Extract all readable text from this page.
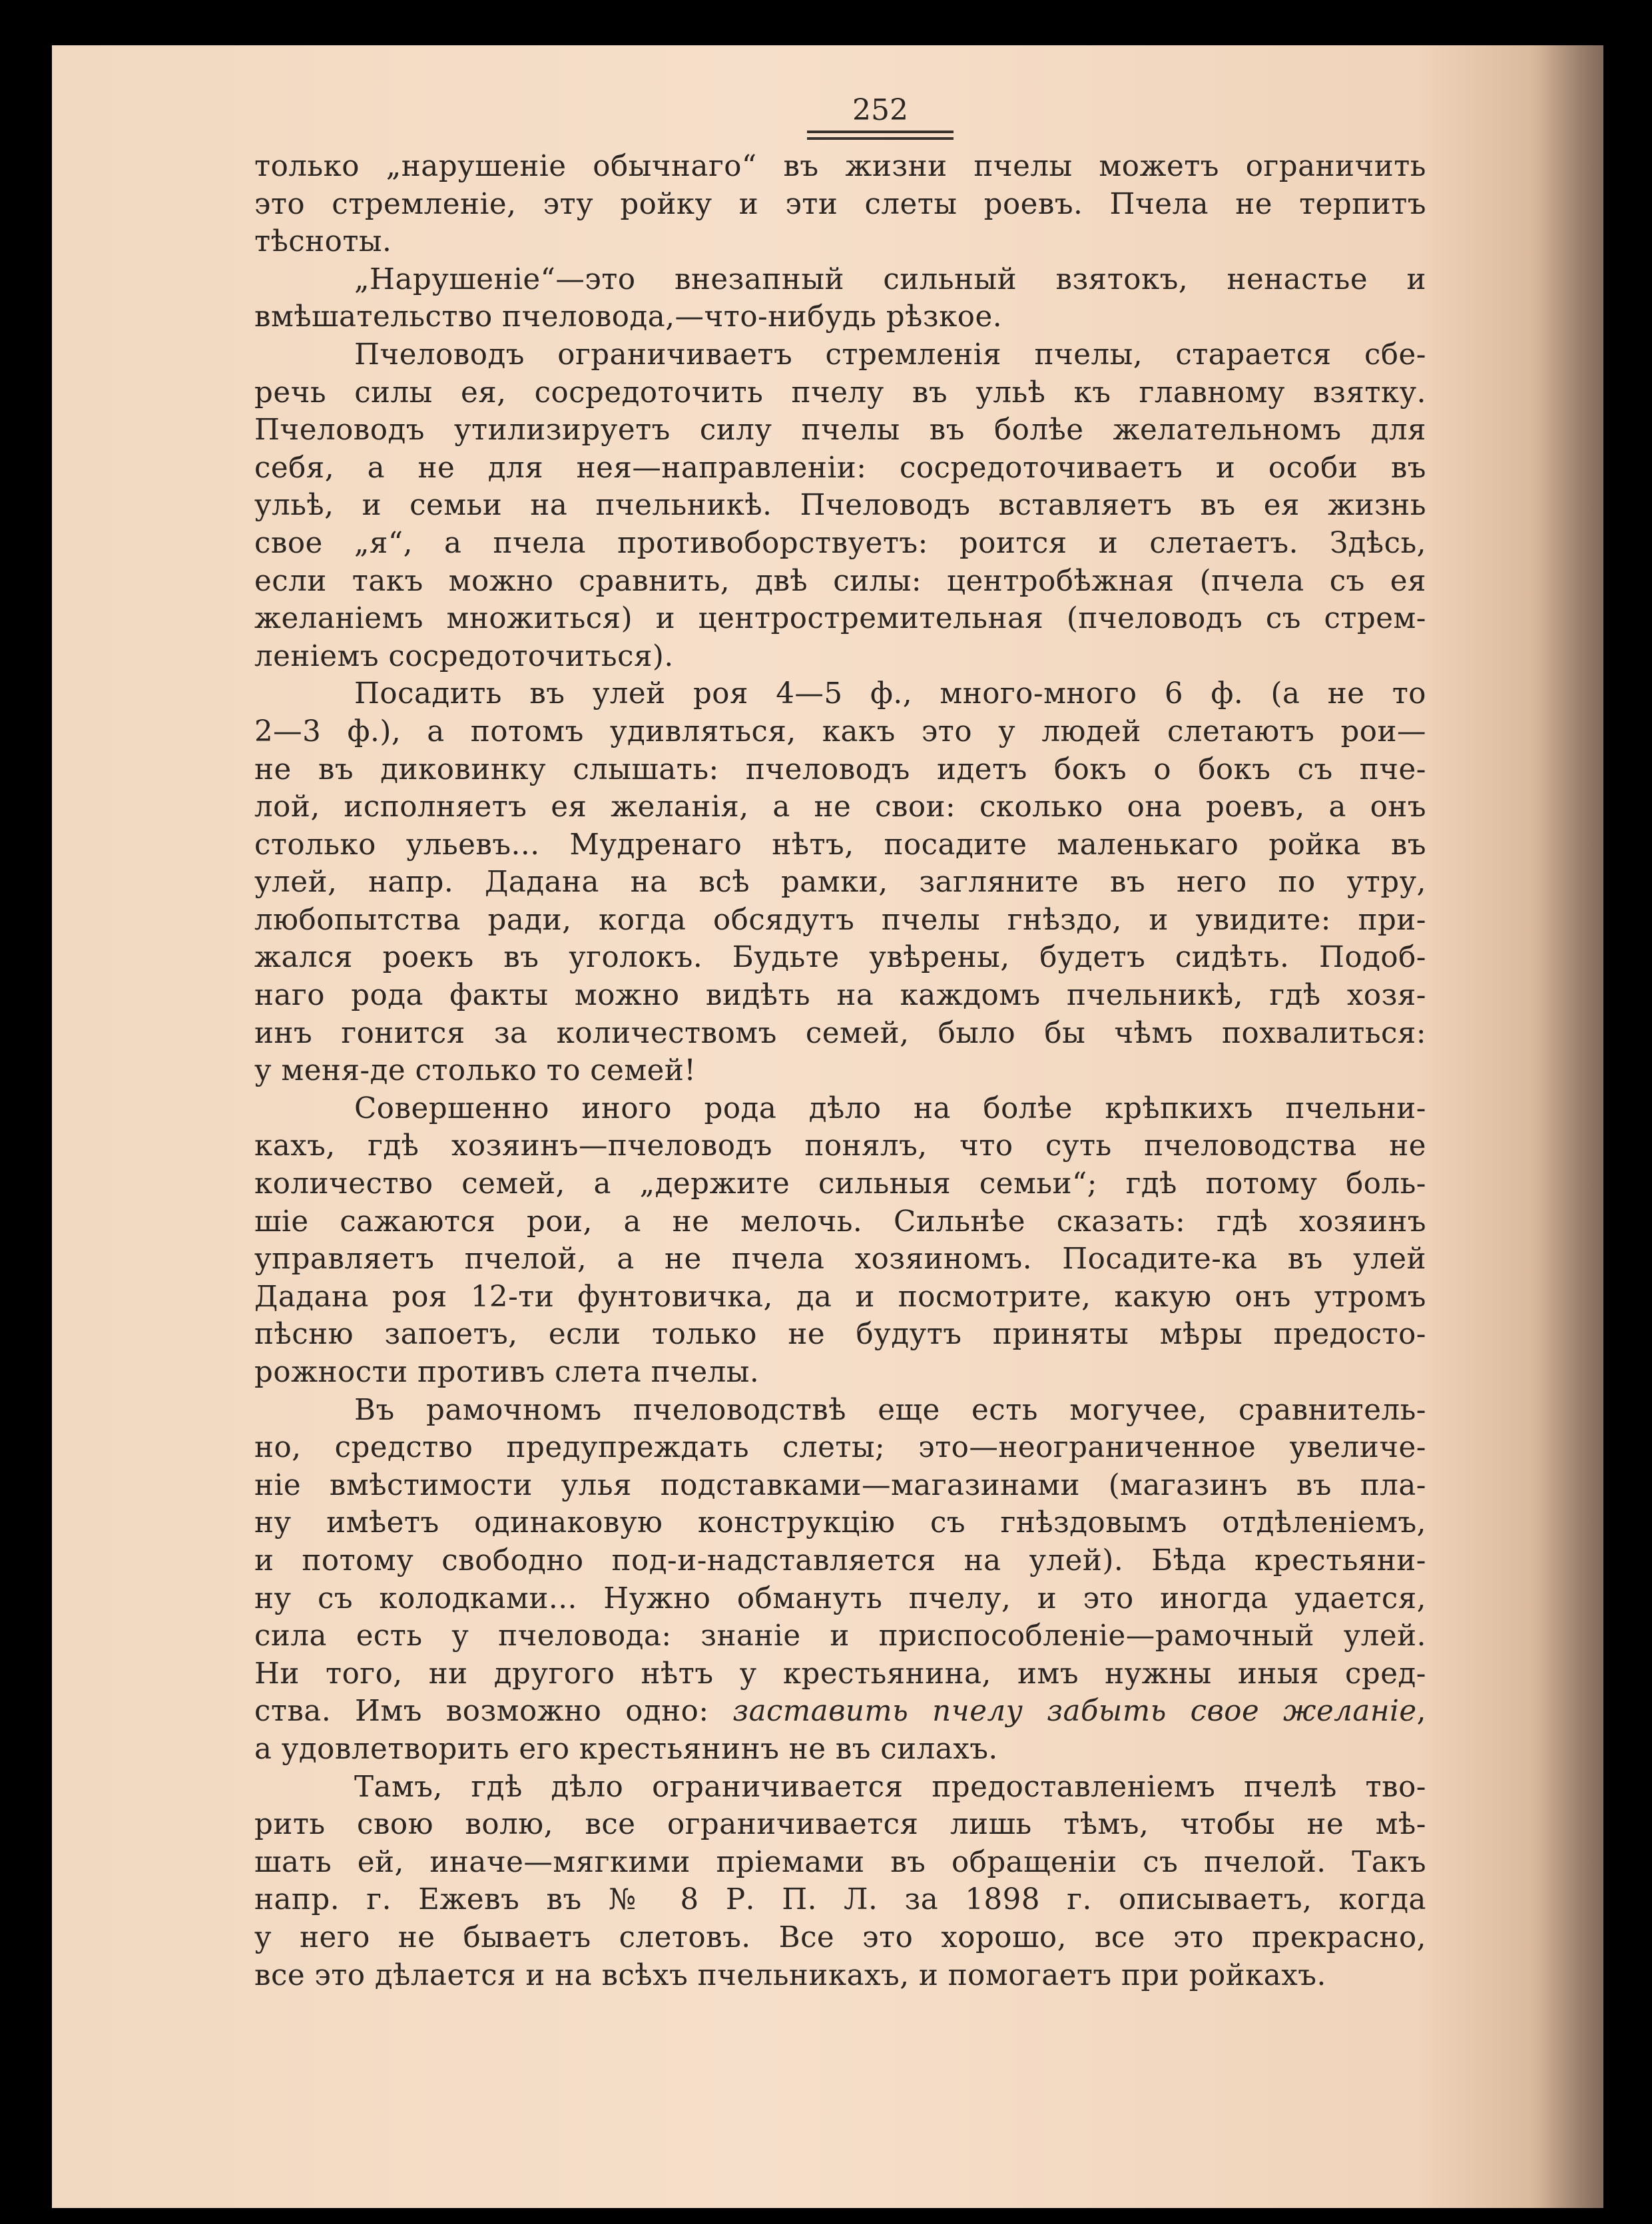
252
только „нарушеніе обычнаго“ въ жизни пчелы можетъ ограничить
это стремленіе, эту ройку и эти слеты роевъ. Пчела не терпитъ
тѣсноты.
„Нарушеніе“—это внезапный сильный взятокъ, ненастье и
вмѣшательство пчеловода,—что-нибудь рѣзкое.
Пчеловодъ ограничиваетъ стремленія пчелы, старается сбе-
речь силы ея, сосредоточить пчелу въ ульѣ къ главному взятку.
Пчеловодъ утилизируетъ силу пчелы въ болѣе желательномъ для
себя, а не для нея—направленіи: сосредоточиваетъ и особи въ
ульѣ, и семьи на пчельникѣ. Пчеловодъ вставляетъ въ ея жизнь
свое „я“, а пчела противоборствуетъ: роится и слетаетъ. Здѣсь,
если такъ можно сравнить, двѣ силы: центробѣжная (пчела съ ея
желаніемъ множиться) и центростремительная (пчеловодъ съ стрем-
леніемъ сосредоточиться).
Посадить въ улей роя 4—5 ф., много-много 6 ф. (а не то
2—3 ф.), а потомъ удивляться, какъ это у людей слетаютъ рои—
не въ диковинку слышать: пчеловодъ идетъ бокъ о бокъ съ пче-
лой, исполняетъ ея желанія, а не свои: сколько она роевъ, а онъ
столько ульевъ... Мудренаго нѣтъ, посадите маленькаго ройка въ
улей, напр. Дадана на всѣ рамки, загляните въ него по утру,
любопытства ради, когда обсядутъ пчелы гнѣздо, и увидите: при-
жался роекъ въ уголокъ. Будьте увѣрены, будетъ сидѣть. Подоб-
наго рода факты можно видѣть на каждомъ пчельникѣ, гдѣ хозя-
инъ гонится за количествомъ семей, было бы чѣмъ похвалиться:
у меня-де столько то семей!
Совершенно иного рода дѣло на болѣе крѣпкихъ пчельни-
кахъ, гдѣ хозяинъ—пчеловодъ понялъ, что суть пчеловодства не
количество семей, а „держите сильныя семьи“; гдѣ потому боль-
шіе сажаются рои, а не мелочь. Сильнѣе сказать: гдѣ хозяинъ
управляетъ пчелой, а не пчела хозяиномъ. Посадите-ка въ улей
Дадана роя 12-ти фунтовичка, да и посмотрите, какую онъ утромъ
пѣсню запоетъ, если только не будутъ приняты мѣры предосто-
рожности противъ слета пчелы.
Въ рамочномъ пчеловодствѣ еще есть могучее, сравнитель-
но, средство предупреждать слеты; это—неограниченное увеличе-
ніе вмѣстимости улья подставками—магазинами (магазинъ въ пла-
ну имѣетъ одинаковую конструкцію съ гнѣздовымъ отдѣленіемъ,
и потому свободно под-и-надставляется на улей). Бѣда крестьяни-
ну съ колодками... Нужно обмануть пчелу, и это иногда удается,
сила есть у пчеловода: знаніе и приспособленіе—рамочный улей.
Ни того, ни другого нѣтъ у крестьянина, имъ нужны иныя сред-
ства. Имъ возможно одно: заставить пчелу забыть свое желаніе,
а удовлетворить его крестьянинъ не въ силахъ.
Тамъ, гдѣ дѣло ограничивается предоставленіемъ пчелѣ тво-
рить свою волю, все ограничивается лишь тѣмъ, чтобы не мѣ-
шать ей, иначе—мягкими пріемами въ обращеніи съ пчелой. Такъ
напр. г. Ежевъ въ № 8 Р. П. Л. за 1898 г. описываетъ, когда
у него не бываетъ слетовъ. Все это хорошо, все это прекрасно,
все это дѣлается и на всѣхъ пчельникахъ, и помогаетъ при ройкахъ.
